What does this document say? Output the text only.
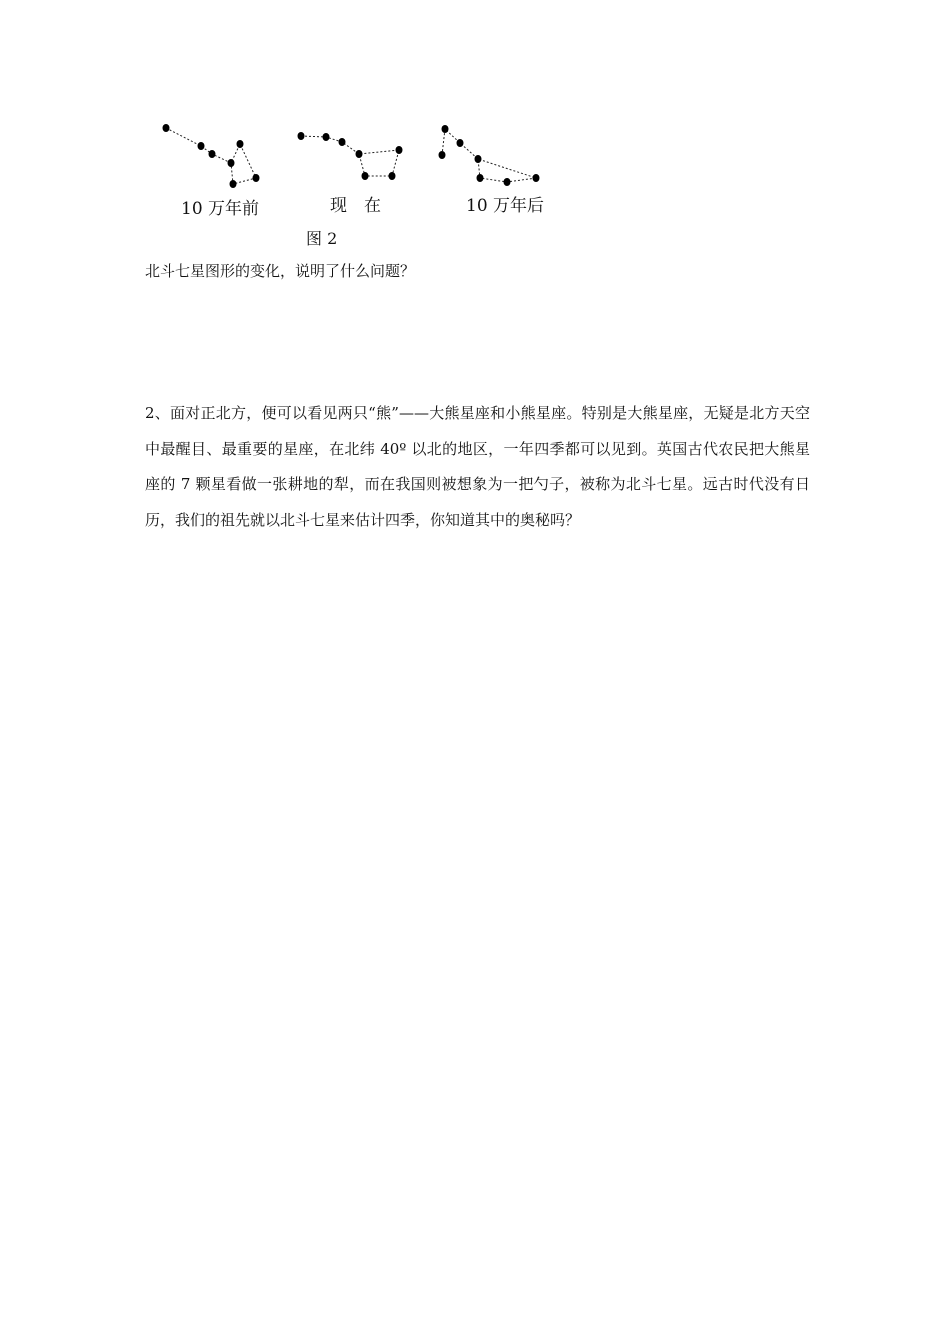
10 万年前	现　在	10 万年后
图 2
北斗七星图形的变化，说明了什么问题？

2、面对正北方，便可以看见两只“熊”——大熊星座和小熊星座。特别是大熊星座，无疑是北方天空中最醒目、最重要的星座，在北纬 40º 以北的地区，一年四季都可以见到。英国古代农民把大熊星座的 7 颗星看做一张耕地的犁，而在我国则被想象为一把勺子，被称为北斗七星。远古时代没有日历，我们的祖先就以北斗七星来估计四季，你知道其中的奥秘吗？
